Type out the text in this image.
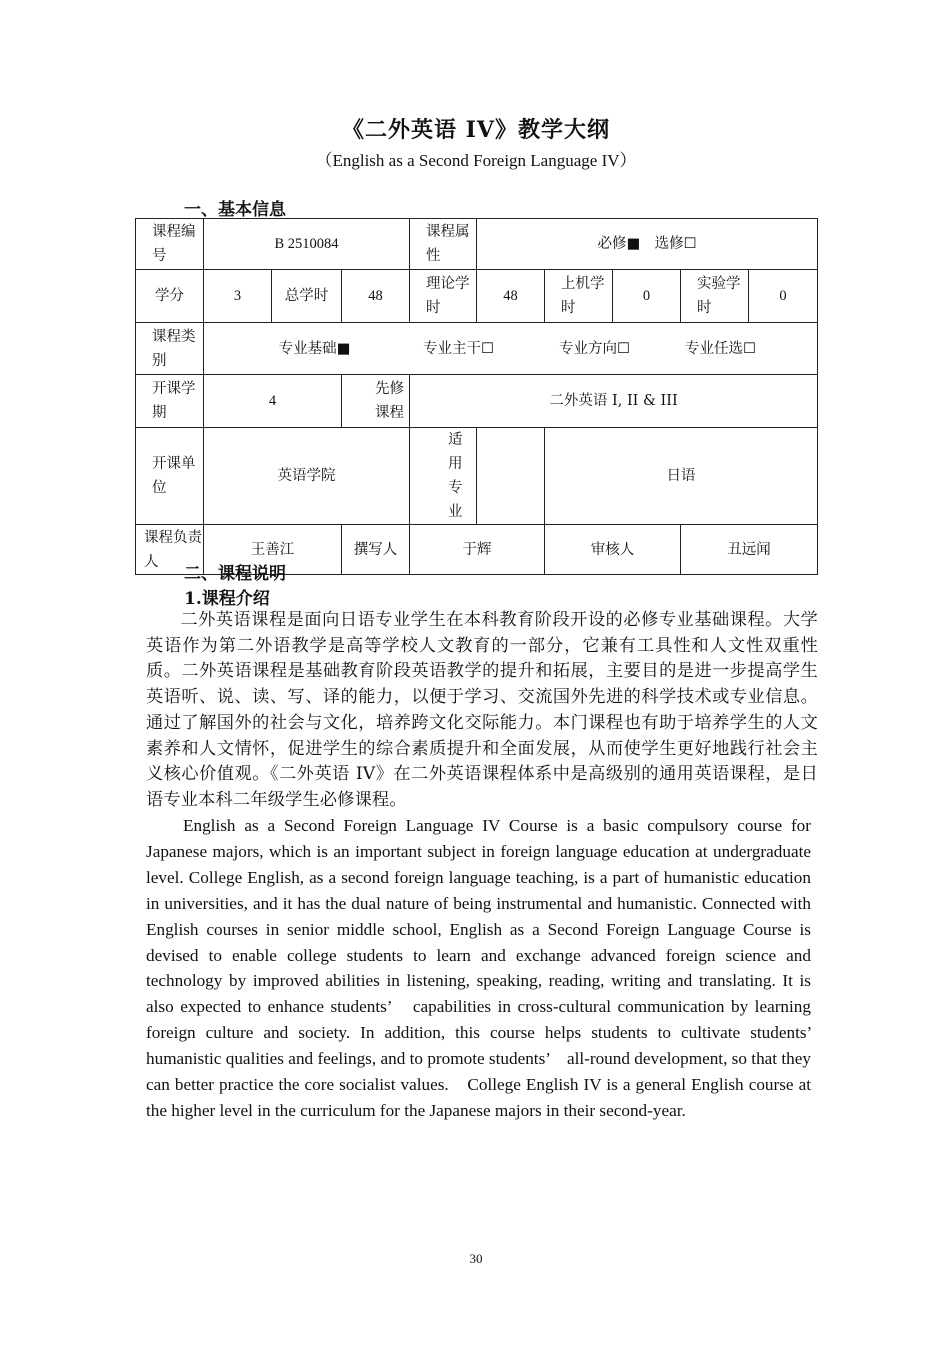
《二外英语 IV》教学大纲
（English as a Second Foreign Language IV）
一、基本信息
课程编号	B 2510084			课程属性	必修■　选修☐				
学分	3	总学时	48	理论学时	48	上机学时	0	实验学时	0
课程类别	专业基础■ 专业主干☐ 专业方向☐ 专业任选☐								
开课学期	4		先修课程	二外英语 I, II & III					
开课单位	英语学院			适用专业		日语			
课程负责人	王善江		撰写人	于辉		审核人		丑远闻	
二、课程说明
1.课程介绍
二外英语课程是面向日语专业学生在本科教育阶段开设的必修专业基础课程。大学英语作为第二外语教学是高等学校人文教育的一部分，它兼有工具性和人文性双重性质。二外英语课程是基础教育阶段英语教学的提升和拓展，主要目的是进一步提高学生英语听、说、读、写、译的能力，以便于学习、交流国外先进的科学技术或专业信息。通过了解国外的社会与文化，培养跨文化交际能力。本门课程也有助于培养学生的人文素养和人文情怀，促进学生的综合素质提升和全面发展，从而使学生更好地践行社会主义核心价值观。《二外英语 IV》在二外英语课程体系中是高级别的通用英语课程，是日语专业本科二年级学生必修课程。
English as a Second Foreign Language IV Course is a basic compulsory course for Japanese majors, which is an important subject in foreign language education at undergraduate level. College English, as a second foreign language teaching, is a part of humanistic education in universities, and it has the dual nature of being instrumental and humanistic. Connected with English courses in senior middle school, English as a Second Foreign Language Course is devised to enable college students to learn and exchange advanced foreign science and technology by improved abilities in listening, speaking, reading, writing and translating. It is also expected to enhance students’　capabilities in cross-cultural communication by learning foreign culture and society. In addition, this course helps students to cultivate students’　humanistic qualities and feelings, and to promote students’　all-round development, so that they can better practice the core socialist values.　College English IV is a general English course at the higher level in the curriculum for the Japanese majors in their second-year.
30
